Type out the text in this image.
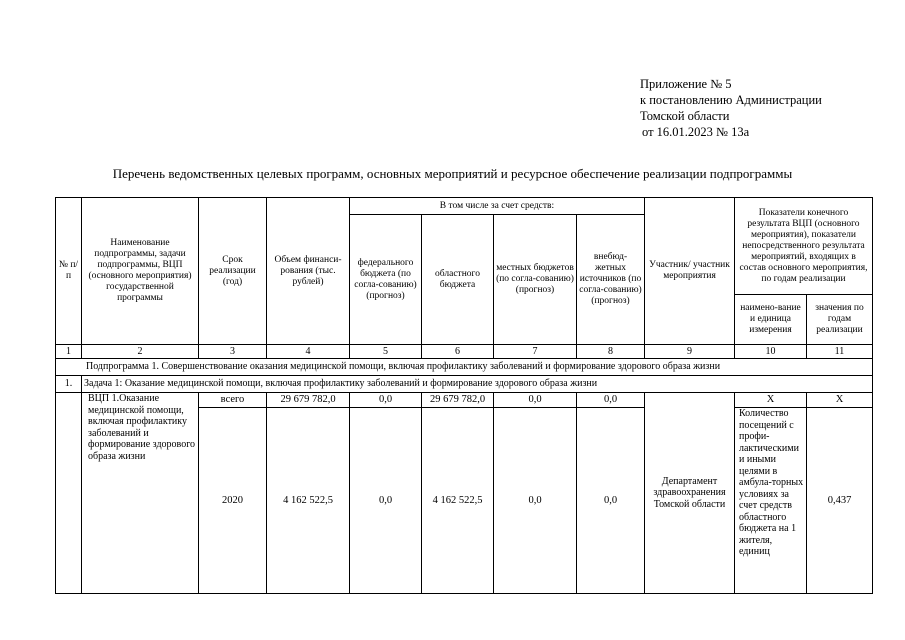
Приложение № 5
к постановлению Администрации
Томской области
от 16.01.2023 № 13а
Перечень ведомственных целевых программ, основных мероприятий и ресурсное обеспечение реализации подпрограммы
№ п/п	Наименование подпрограммы, задачи подпрограммы, ВЦП (основного мероприятия) государственной программы	Срок реализации (год)	Объем финанси-рования (тыс. рублей)	В том числе за счет средств:				Участник/ участник мероприятия	Показатели конечного результата ВЦП (основного мероприятия), показатели непосредственного результата мероприятий, входящих в состав основного мероприятия, по годам реализации	
				федерального бюджета (по согла-сованию) (прогноз)	областного бюджета	местных бюджетов (по согла-сованию) (прогноз)	внебюд-жетных источников (по согла-сованию) (прогноз)			
									наимено-вание и единица измерения	значения по годам реализации
1	2	3	4	5	6	7	8	9	10	11
Подпрограмма 1. Совершенствование оказания медицинской помощи, включая профилактику заболеваний и формирование здорового образа жизни										
1.	Задача 1: Оказание медицинской помощи, включая профилактику заболеваний и формирование здорового образа жизни									
	ВЦП 1.Оказание медицинской помощи, включая профилактику заболеваний и формирование здорового образа жизни	всего	29 679 782,0	0,0	29 679 782,0	0,0	0,0	Департамент здравоохранения Томской области	Х	Х
		2020	4 162 522,5	0,0	4 162 522,5	0,0	0,0		Количество посещений с профи-лактическими и иными целями в амбула-торных условиях за счет средств областного бюджета на 1 жителя, единиц	0,437
